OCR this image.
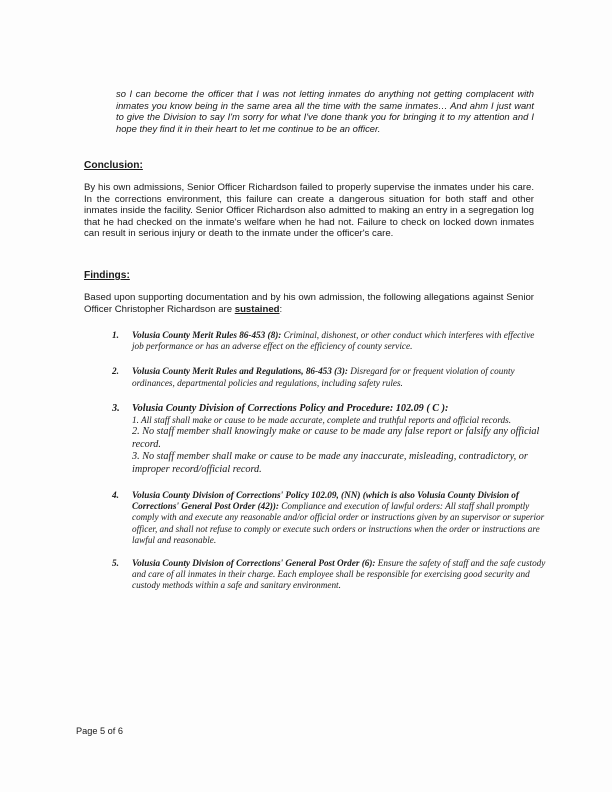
so I can become the officer that I was not letting inmates do anything not getting complacent with inmates you know being in the same area all the time with the same inmates… And ahm I just want to give the Division to say I'm sorry for what I've done thank you for bringing it to my attention and I hope they find it in their heart to let me continue to be an officer.

Conclusion:

By his own admissions, Senior Officer Richardson failed to properly supervise the inmates under his care. In the corrections environment, this failure can create a dangerous situation for both staff and other inmates inside the facility. Senior Officer Richardson also admitted to making an entry in a segregation log that he had checked on the inmate's welfare when he had not. Failure to check on locked down inmates can result in serious injury or death to the inmate under the officer's care.

Findings:

Based upon supporting documentation and by his own admission, the following allegations against Senior Officer Christopher Richardson are sustained:

1. Volusia County Merit Rules 86-453 (8): Criminal, dishonest, or other conduct which interferes with effective job performance or has an adverse effect on the efficiency of county service.
2. Volusia County Merit Rules and Regulations, 86-453 (3): Disregard for or frequent violation of county ordinances, departmental policies and regulations, including safety rules.
3. Volusia County Division of Corrections Policy and Procedure: 102.09 ( C ):
1. All staff shall make or cause to be made accurate, complete and truthful reports and official records.
2. No staff member shall knowingly make or cause to be made any false report or falsify any official record.
3. No staff member shall make or cause to be made any inaccurate, misleading, contradictory, or improper record/official record.
4. Volusia County Division of Corrections' Policy 102.09, (NN) (which is also Volusia County Division of Corrections' General Post Order (42)): Compliance and execution of lawful orders: All staff shall promptly comply with and execute any reasonable and/or official order or instructions given by an supervisor or superior officer, and shall not refuse to comply or execute such orders or instructions when the order or instructions are lawful and reasonable.
5. Volusia County Division of Corrections' General Post Order (6): Ensure the safety of staff and the safe custody and care of all inmates in their charge. Each employee shall be responsible for exercising good security and custody methods within a safe and sanitary environment.
Page 5 of 6
